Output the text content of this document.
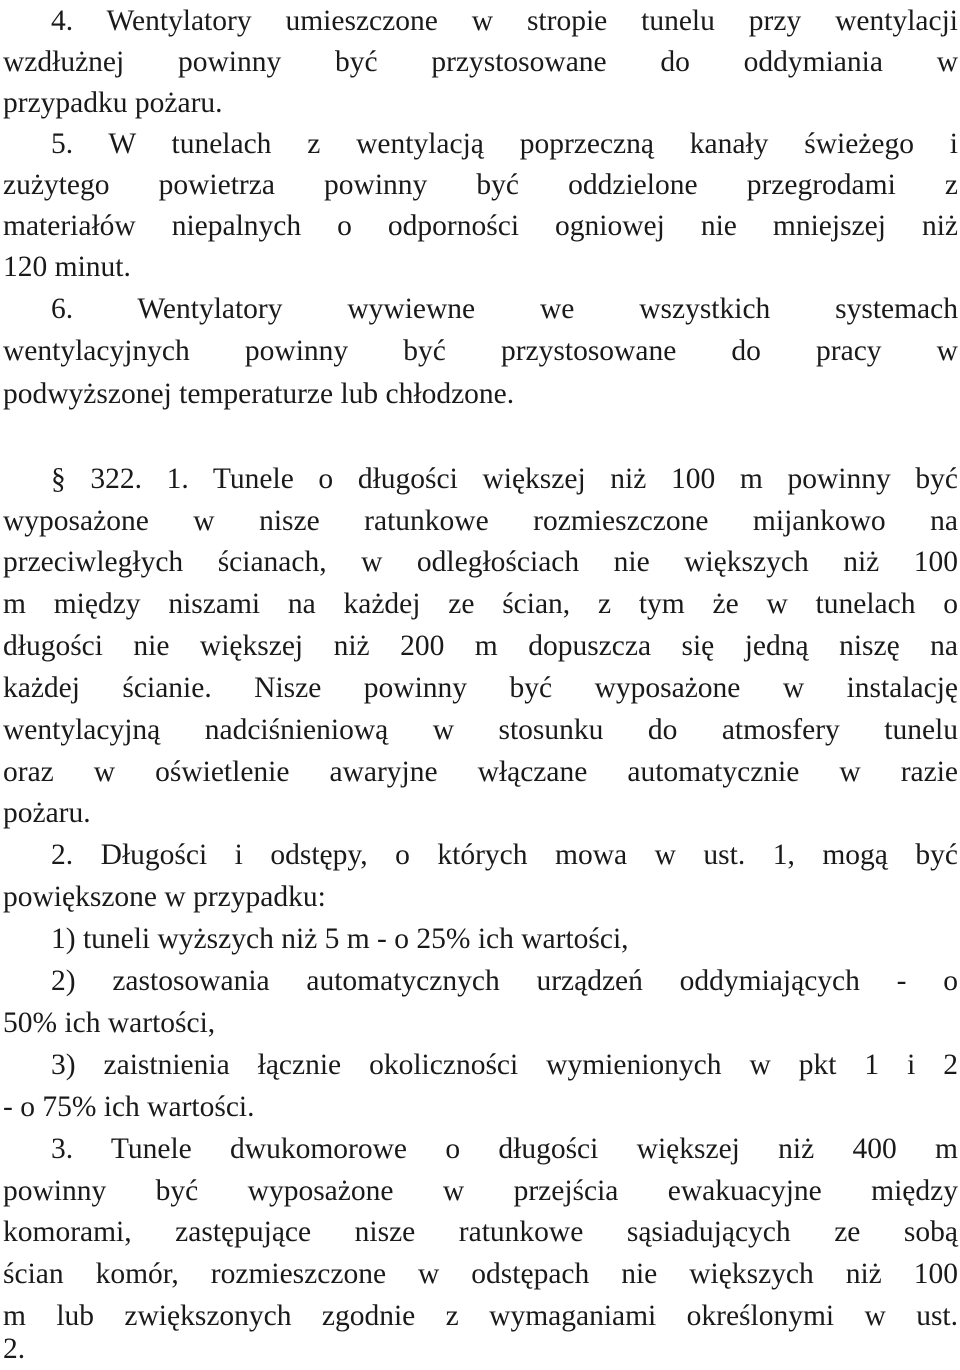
4. Wentylatory umieszczone w stropie tunelu przy wentylacji
wzdłużnej powinny być przystosowane do oddymiania w
przypadku pożaru.
5. W tunelach z wentylacją poprzeczną kanały świeżego i
zużytego powietrza powinny być oddzielone przegrodami z
materiałów niepalnych o odporności ogniowej nie mniejszej niż
120 minut.
6. Wentylatory wywiewne we wszystkich systemach
wentylacyjnych powinny być przystosowane do pracy w
podwyższonej temperaturze lub chłodzone.
§ 322. 1. Tunele o długości większej niż 100 m powinny być
wyposażone w nisze ratunkowe rozmieszczone mijankowo na
przeciwległych ścianach, w odległościach nie większych niż 100
m między niszami na każdej ze ścian, z tym że w tunelach o
długości nie większej niż 200 m dopuszcza się jedną niszę na
każdej ścianie. Nisze powinny być wyposażone w instalację
wentylacyjną nadciśnieniową w stosunku do atmosfery tunelu
oraz w oświetlenie awaryjne włączane automatycznie w razie
pożaru.
2. Długości i odstępy, o których mowa w ust. 1, mogą być
powiększone w przypadku:
1) tuneli wyższych niż 5 m - o 25% ich wartości,
2) zastosowania automatycznych urządzeń oddymiających - o
50% ich wartości,
3) zaistnienia łącznie okoliczności wymienionych w pkt 1 i 2
- o 75% ich wartości.
3. Tunele dwukomorowe o długości większej niż 400 m
powinny być wyposażone w przejścia ewakuacyjne między
komorami, zastępujące nisze ratunkowe sąsiadujących ze sobą
ścian komór, rozmieszczone w odstępach nie większych niż 100
m lub zwiększonych zgodnie z wymaganiami określonymi w ust.
2.
